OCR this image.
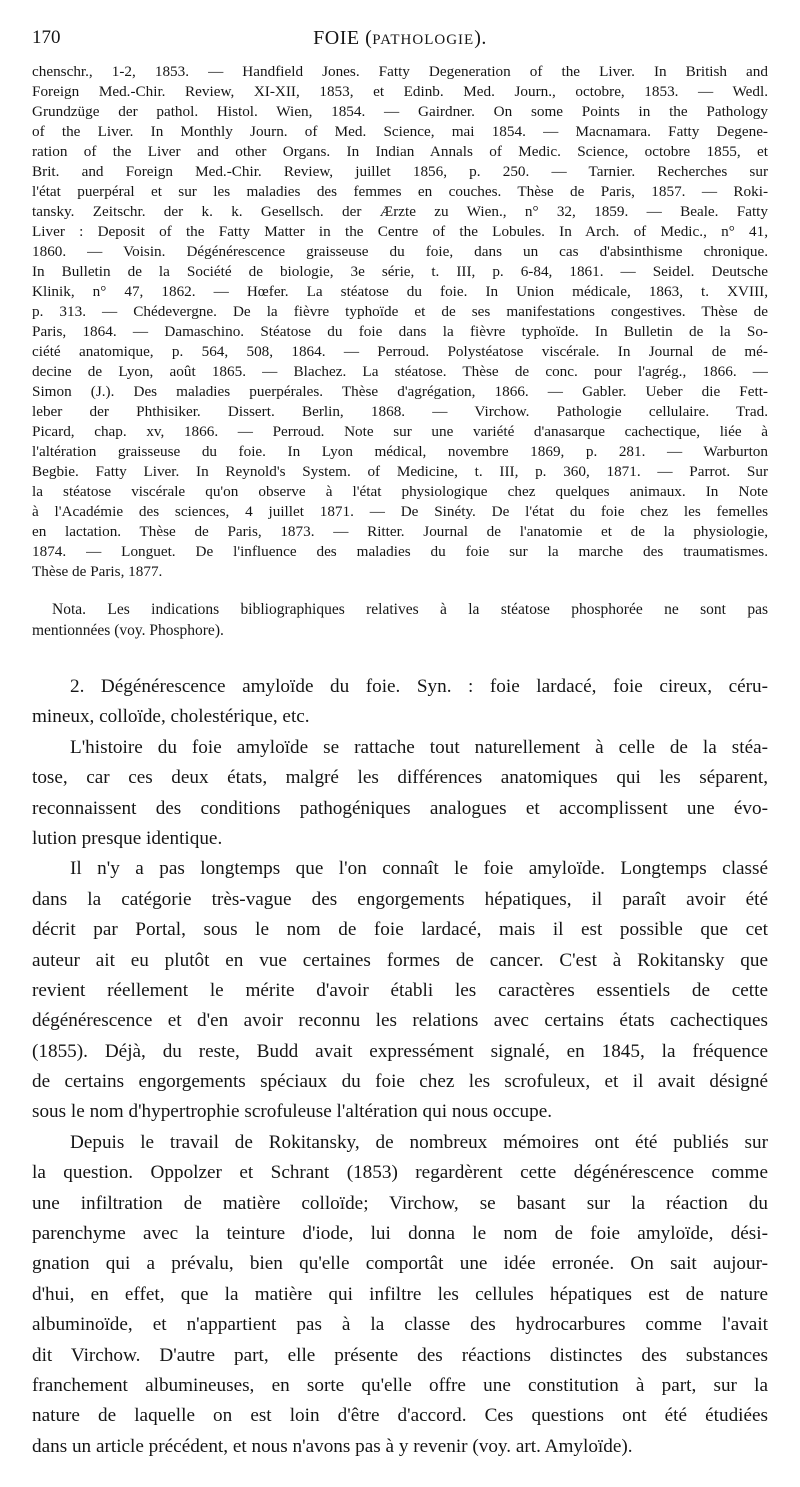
170	FOIE (PATHOLOGIE).
chenschr., 1-2, 1853. — Handfield Jones. Fatty Degeneration of the Liver. In British and
Foreign Med.-Chir. Review, XI-XII, 1853, et Edinb. Med. Journ., octobre, 1853. — Wedl.
Grundzüge der pathol. Histol. Wien, 1854. — Gairdner. On some Points in the Pathology
of the Liver. In Monthly Journ. of Med. Science, mai 1854. — Macnamara. Fatty Degene-
ration of the Liver and other Organs. In Indian Annals of Medic. Science, octobre 1855, et
Brit. and Foreign Med.-Chir. Review, juillet 1856, p. 250. — Tarnier. Recherches sur
l'état puerpéral et sur les maladies des femmes en couches. Thèse de Paris, 1857. — Roki-
tansky. Zeitschr. der k. k. Gesellsch. der Ærzte zu Wien., n° 32, 1859. — Beale. Fatty
Liver : Deposit of the Fatty Matter in the Centre of the Lobules. In Arch. of Medic., n° 41,
1860. — Voisin. Dégénérescence graisseuse du foie, dans un cas d'absinthisme chronique.
In Bulletin de la Société de biologie, 3e série, t. III, p. 6-84, 1861. — Seidel. Deutsche
Klinik, n° 47, 1862. — Hœfer. La stéatose du foie. In Union médicale, 1863, t. XVIII,
p. 313. — Chédevergne. De la fièvre typhoïde et de ses manifestations congestives. Thèse de
Paris, 1864. — Damaschino. Stéatose du foie dans la fièvre typhoïde. In Bulletin de la So-
ciété anatomique, p. 564, 508, 1864. — Perroud. Polystéatose viscérale. In Journal de mé-
decine de Lyon, août 1865. — Blachez. La stéatose. Thèse de conc. pour l'agrég., 1866. —
Simon (J.). Des maladies puerpérales. Thèse d'agrégation, 1866. — Gabler. Ueber die Fett-
leber der Phthisiker. Dissert. Berlin, 1868. — Virchow. Pathologie cellulaire. Trad.
Picard, chap. xv, 1866. — Perroud. Note sur une variété d'anasarque cachectique, liée à
l'altération graisseuse du foie. In Lyon médical, novembre 1869, p. 281. — Warburton
Begbie. Fatty Liver. In Reynold's System. of Medicine, t. III, p. 360, 1871. — Parrot. Sur
la stéatose viscérale qu'on observe à l'état physiologique chez quelques animaux. In Note
à l'Académie des sciences, 4 juillet 1871. — De Sinéty. De l'état du foie chez les femelles
en lactation. Thèse de Paris, 1873. — Ritter. Journal de l'anatomie et de la physiologie,
1874. — Longuet. De l'influence des maladies du foie sur la marche des traumatismes.
Thèse de Paris, 1877.
Nota. Les indications bibliographiques relatives à la stéatose phosphorée ne sont pas
mentionnées (voy. Phosphore).
2. Dégénérescence amyloïde du foie. Syn. : foie lardacé, foie cireux, céru-
mineux, colloïde, cholestérique, etc.
L'histoire du foie amyloïde se rattache tout naturellement à celle de la stéa-
tose, car ces deux états, malgré les différences anatomiques qui les séparent,
reconnaissent des conditions pathogéniques analogues et accomplissent une évo-
lution presque identique.
Il n'y a pas longtemps que l'on connaît le foie amyloïde. Longtemps classé
dans la catégorie très-vague des engorgements hépatiques, il paraît avoir été
décrit par Portal, sous le nom de foie lardacé, mais il est possible que cet
auteur ait eu plutôt en vue certaines formes de cancer. C'est à Rokitansky que
revient réellement le mérite d'avoir établi les caractères essentiels de cette
dégénérescence et d'en avoir reconnu les relations avec certains états cachectiques
(1855). Déjà, du reste, Budd avait expressément signalé, en 1845, la fréquence
de certains engorgements spéciaux du foie chez les scrofuleux, et il avait désigné
sous le nom d'hypertrophie scrofuleuse l'altération qui nous occupe.
Depuis le travail de Rokitansky, de nombreux mémoires ont été publiés sur
la question. Oppolzer et Schrant (1853) regardèrent cette dégénérescence comme
une infiltration de matière colloïde; Virchow, se basant sur la réaction du
parenchyme avec la teinture d'iode, lui donna le nom de foie amyloïde, dési-
gnation qui a prévalu, bien qu'elle comportât une idée erronée. On sait aujour-
d'hui, en effet, que la matière qui infiltre les cellules hépatiques est de nature
albuminoïde, et n'appartient pas à la classe des hydrocarbures comme l'avait
dit Virchow. D'autre part, elle présente des réactions distinctes des substances
franchement albumineuses, en sorte qu'elle offre une constitution à part, sur la
nature de laquelle on est loin d'être d'accord. Ces questions ont été étudiées
dans un article précédent, et nous n'avons pas à y revenir (voy. art. Amyloïde).
